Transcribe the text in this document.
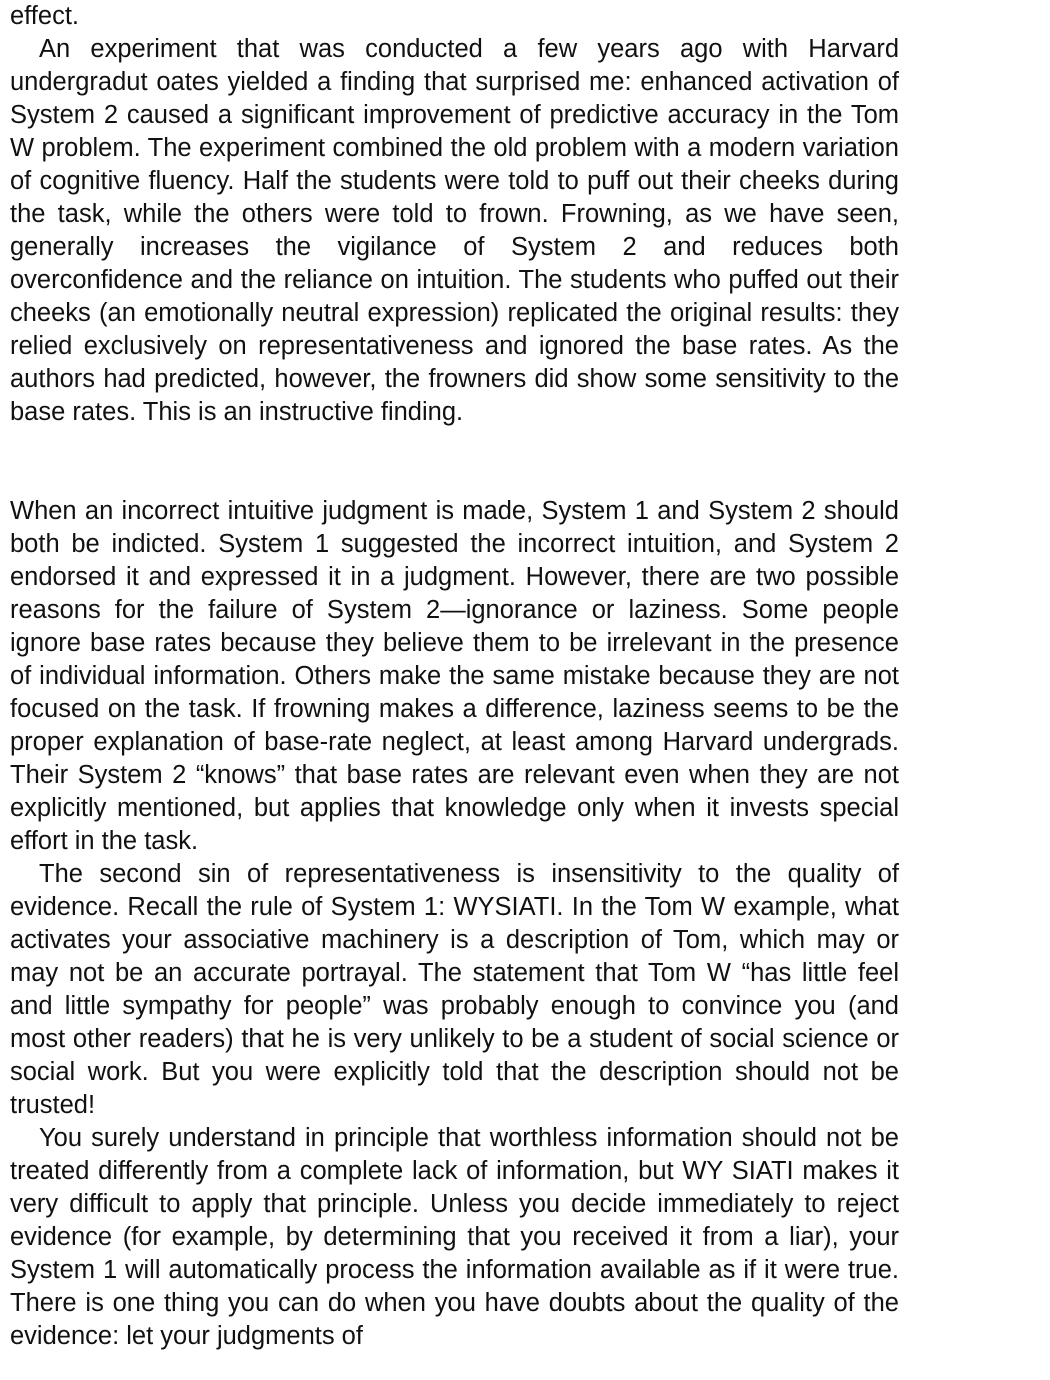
effect.

An experiment that was conducted a few years ago with Harvard undergradut oates yielded a finding that surprised me: enhanced activation of System 2 caused a significant improvement of predictive accuracy in the Tom W problem. The experiment combined the old problem with a modern variation of cognitive fluency. Half the students were told to puff out their cheeks during the task, while the others were told to frown. Frowning, as we have seen, generally increases the vigilance of System 2 and reduces both overconfidence and the reliance on intuition. The students who puffed out their cheeks (an emotionally neutral expression) replicated the original results: they relied exclusively on representativeness and ignored the base rates. As the authors had predicted, however, the frowners did show some sensitivity to the base rates. This is an instructive finding.

When an incorrect intuitive judgment is made, System 1 and System 2 should both be indicted. System 1 suggested the incorrect intuition, and System 2 endorsed it and expressed it in a judgment. However, there are two possible reasons for the failure of System 2—ignorance or laziness. Some people ignore base rates because they believe them to be irrelevant in the presence of individual information. Others make the same mistake because they are not focused on the task. If frowning makes a difference, laziness seems to be the proper explanation of base-rate neglect, at least among Harvard undergrads. Their System 2 “knows” that base rates are relevant even when they are not explicitly mentioned, but applies that knowledge only when it invests special effort in the task.

The second sin of representativeness is insensitivity to the quality of evidence. Recall the rule of System 1: WYSIATI. In the Tom W example, what activates your associative machinery is a description of Tom, which may or may not be an accurate portrayal. The statement that Tom W “has little feel and little sympathy for people” was probably enough to convince you (and most other readers) that he is very unlikely to be a student of social science or social work. But you were explicitly told that the description should not be trusted!

You surely understand in principle that worthless information should not be treated differently from a complete lack of information, but WY SIATI makes it very difficult to apply that principle. Unless you decide immediately to reject evidence (for example, by determining that you received it from a liar), your System 1 will automatically process the information available as if it were true. There is one thing you can do when you have doubts about the quality of the evidence: let your judgments of
